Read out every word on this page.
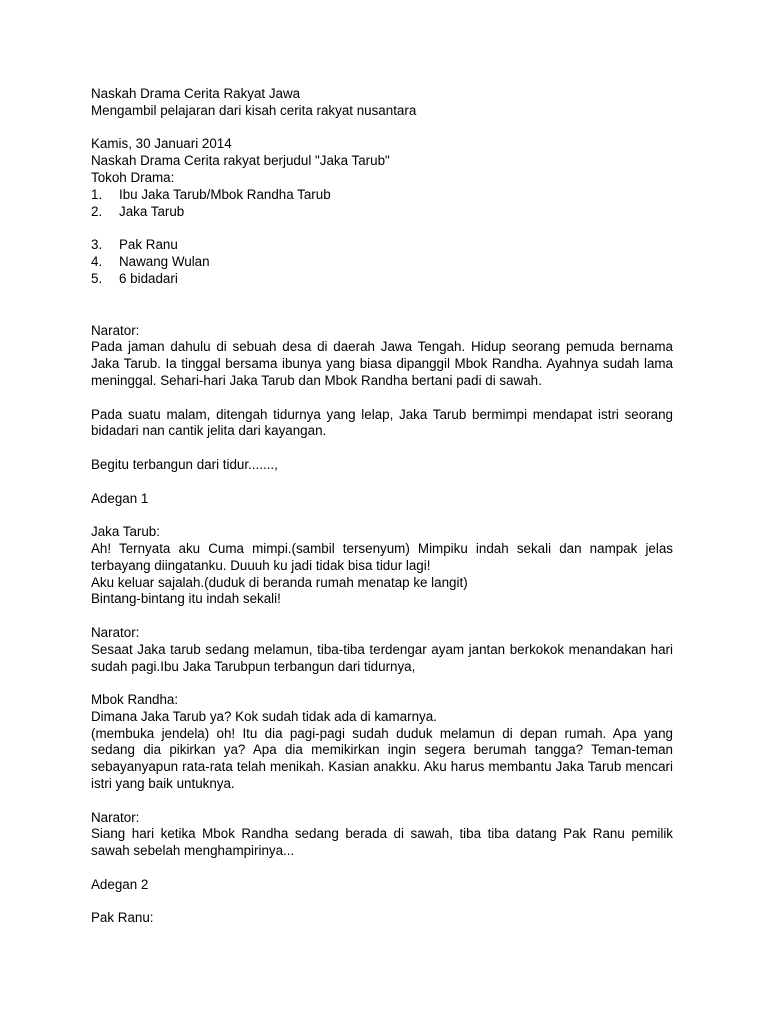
Naskah Drama Cerita Rakyat Jawa

Mengambil pelajaran dari kisah cerita rakyat nusantara

Kamis, 30 Januari 2014

Naskah Drama Cerita rakyat berjudul "Jaka Tarub"

Tokoh Drama:

1.	Ibu Jaka Tarub/Mbok Randha Tarub
2.	Jaka Tarub
3.	Pak Ranu
4.	Nawang Wulan
5.	6 bidadari

Narator:

Pada jaman dahulu di sebuah desa di daerah Jawa Tengah. Hidup seorang pemuda bernama Jaka Tarub. Ia tinggal bersama ibunya yang biasa dipanggil Mbok Randha. Ayahnya sudah lama meninggal. Sehari-hari Jaka Tarub dan Mbok Randha bertani padi di sawah.

Pada suatu malam, ditengah tidurnya yang lelap, Jaka Tarub bermimpi mendapat istri seorang bidadari nan cantik jelita dari kayangan.

Begitu terbangun dari tidur.......,

Adegan 1

Jaka Tarub:

Ah! Ternyata aku Cuma mimpi.(sambil tersenyum) Mimpiku indah sekali dan nampak jelas terbayang diingatanku. Duuuh ku jadi tidak bisa tidur lagi!

Aku keluar sajalah.(duduk di beranda rumah menatap ke langit)

Bintang-bintang itu indah sekali!

Narator:

Sesaat Jaka tarub sedang melamun, tiba-tiba terdengar ayam jantan berkokok menandakan hari sudah pagi.Ibu Jaka Tarubpun terbangun dari tidurnya,

Mbok Randha:

Dimana Jaka Tarub ya? Kok sudah tidak ada di kamarnya.

(membuka jendela) oh! Itu dia pagi-pagi sudah duduk melamun di depan rumah. Apa yang sedang dia pikirkan ya? Apa dia memikirkan ingin segera berumah tangga? Teman-teman sebayanyapun rata-rata telah menikah. Kasian anakku. Aku harus membantu Jaka Tarub mencari istri yang baik untuknya.

Narator:

Siang hari ketika Mbok Randha sedang berada di sawah, tiba tiba datang Pak Ranu pemilik sawah sebelah menghampirinya...

Adegan 2

Pak Ranu:
